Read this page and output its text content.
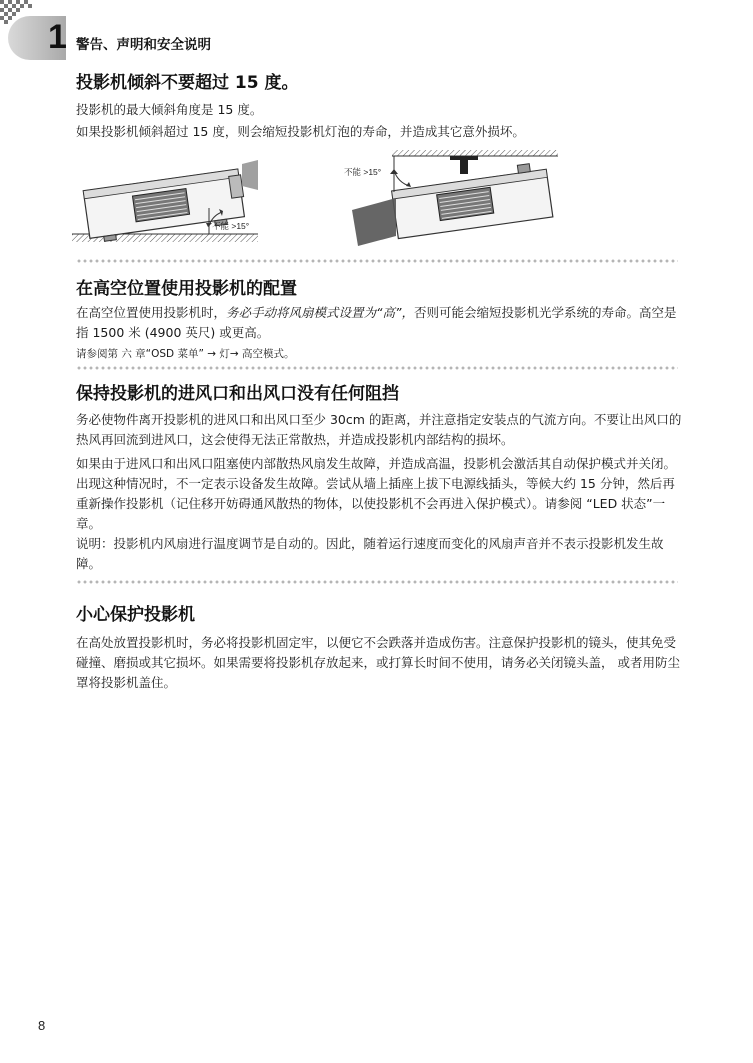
1 警告、声明和安全说明
投影机倾斜不要超过 15 度。

投影机的最大倾斜角度是 15 度。

如果投影机倾斜超过 15 度，则会缩短投影机灯泡的寿命，并造成其它意外损坏。

不能 >15°
不能 >15°
在高空位置使用投影机的配置

在高空位置使用投影机时，务必手动将风扇模式设置为“高”，否则可能会缩短投影机光学系统的寿命。高空是指 1500 米 (4900 英尺) 或更高。

请参阅第 六 章“OSD 菜单” → 灯→ 高空模式。

保持投影机的进风口和出风口没有任何阻挡

务必使物件离开投影机的进风口和出风口至少 30cm 的距离，并注意指定安装点的气流方向。不要让出风口的热风再回流到进风口，这会使得无法正常散热，并造成投影机内部结构的损坏。

如果由于进风口和出风口阻塞使内部散热风扇发生故障，并造成高温，投影机会激活其自动保护模式并关闭。出现这种情况时，不一定表示设备发生故障。尝试从墙上插座上拔下电源线插头，等候大约 15 分钟，然后再重新操作投影机（记住移开妨碍通风散热的物体，以使投影机不会再进入保护模式）。请参阅 “LED 状态”一章。

说明：投影机内风扇进行温度调节是自动的。因此，随着运行速度而变化的风扇声音并不表示投影机发生故障。

小心保护投影机

在高处放置投影机时，务必将投影机固定牢，以便它不会跌落并造成伤害。注意保护投影机的镜头，使其免受碰撞、磨损或其它损坏。如果需要将投影机存放起来，或打算长时间不使用，请务必关闭镜头盖， 或者用防尘罩将投影机盖住。

8
